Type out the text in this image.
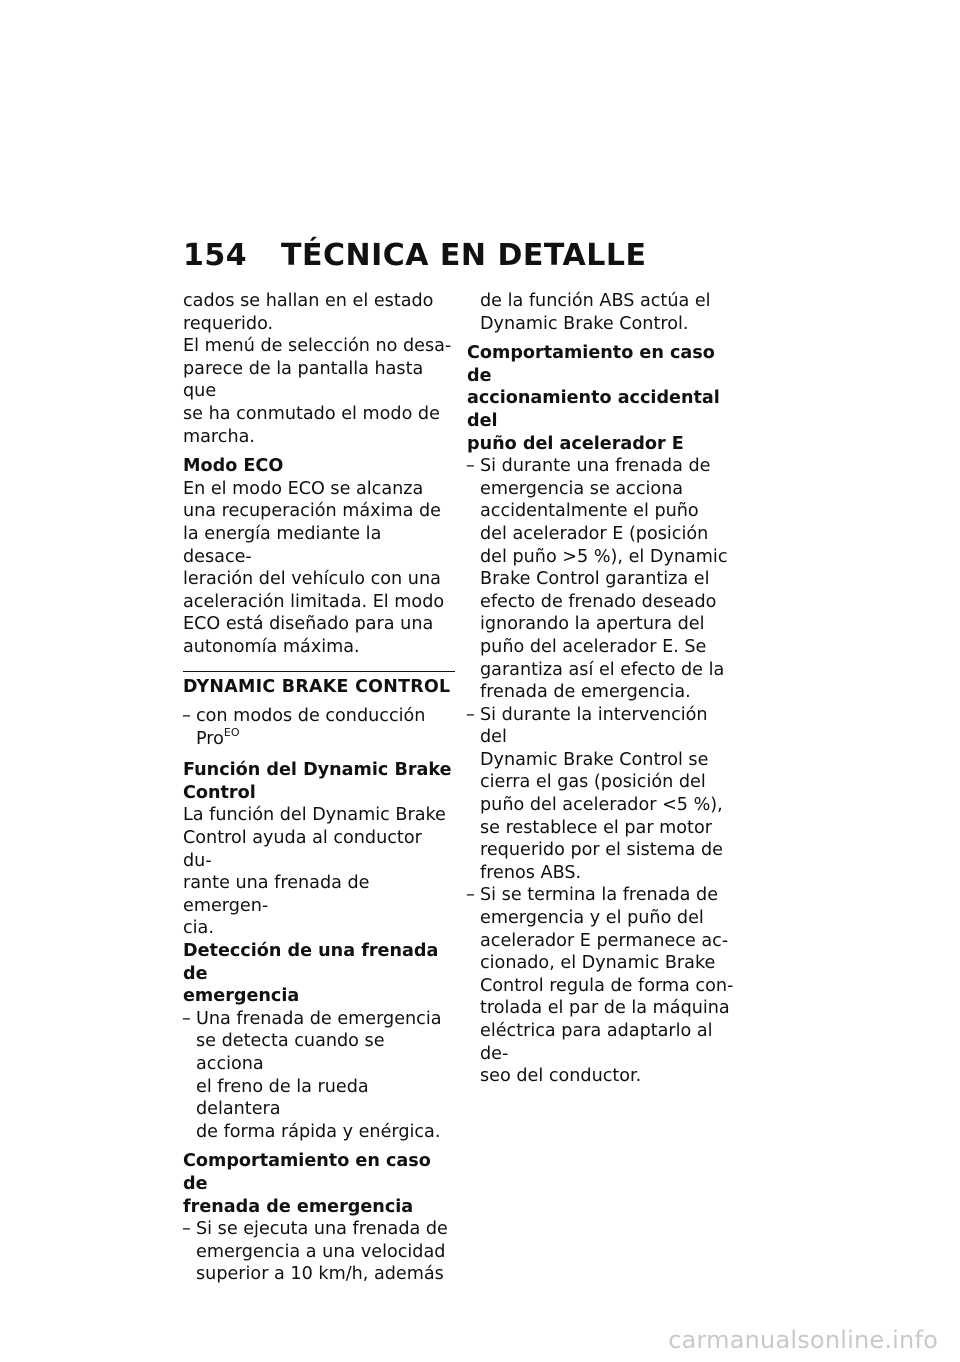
154 TÉCNICA EN DETALLE

cados se hallan en el estado

requerido.

El menú de selección no desa-

parece de la pantalla hasta que

se ha conmutado el modo de

marcha.

Modo ECO

En el modo ECO se alcanza

una recuperación máxima de

la energía mediante la desace-

leración del vehículo con una

aceleración limitada. El modo

ECO está diseñado para una

autonomía máxima.

DYNAMIC BRAKE CONTROL

– con modos de conducción

Pro$^{EO}$

Función del Dynamic Brake

Control

La función del Dynamic Brake

Control ayuda al conductor du-

rante una frenada de emergen-

cia.

Detección de una frenada de

emergencia

– Una frenada de emergencia

se detecta cuando se acciona

el freno de la rueda delantera

de forma rápida y enérgica.

Comportamiento en caso de

frenada de emergencia

– Si se ejecuta una frenada de

emergencia a una velocidad

superior a 10 km/h, además

de la función ABS actúa el

Dynamic Brake Control.

Comportamiento en caso de

accionamiento accidental del

puño del acelerador E

– Si durante una frenada de

emergencia se acciona

accidentalmente el puño

del acelerador E (posición

del puño >5 %), el Dynamic

Brake Control garantiza el

efecto de frenado deseado

ignorando la apertura del

puño del acelerador E. Se

garantiza así el efecto de la

frenada de emergencia.

– Si durante la intervención del

Dynamic Brake Control se

cierra el gas (posición del

puño del acelerador <5 %),

se restablece el par motor

requerido por el sistema de

frenos ABS.

– Si se termina la frenada de

emergencia y el puño del

acelerador E permanece ac-

cionado, el Dynamic Brake

Control regula de forma con-

trolada el par de la máquina

eléctrica para adaptarlo al de-

seo del conductor.

carmanualsonline.info
